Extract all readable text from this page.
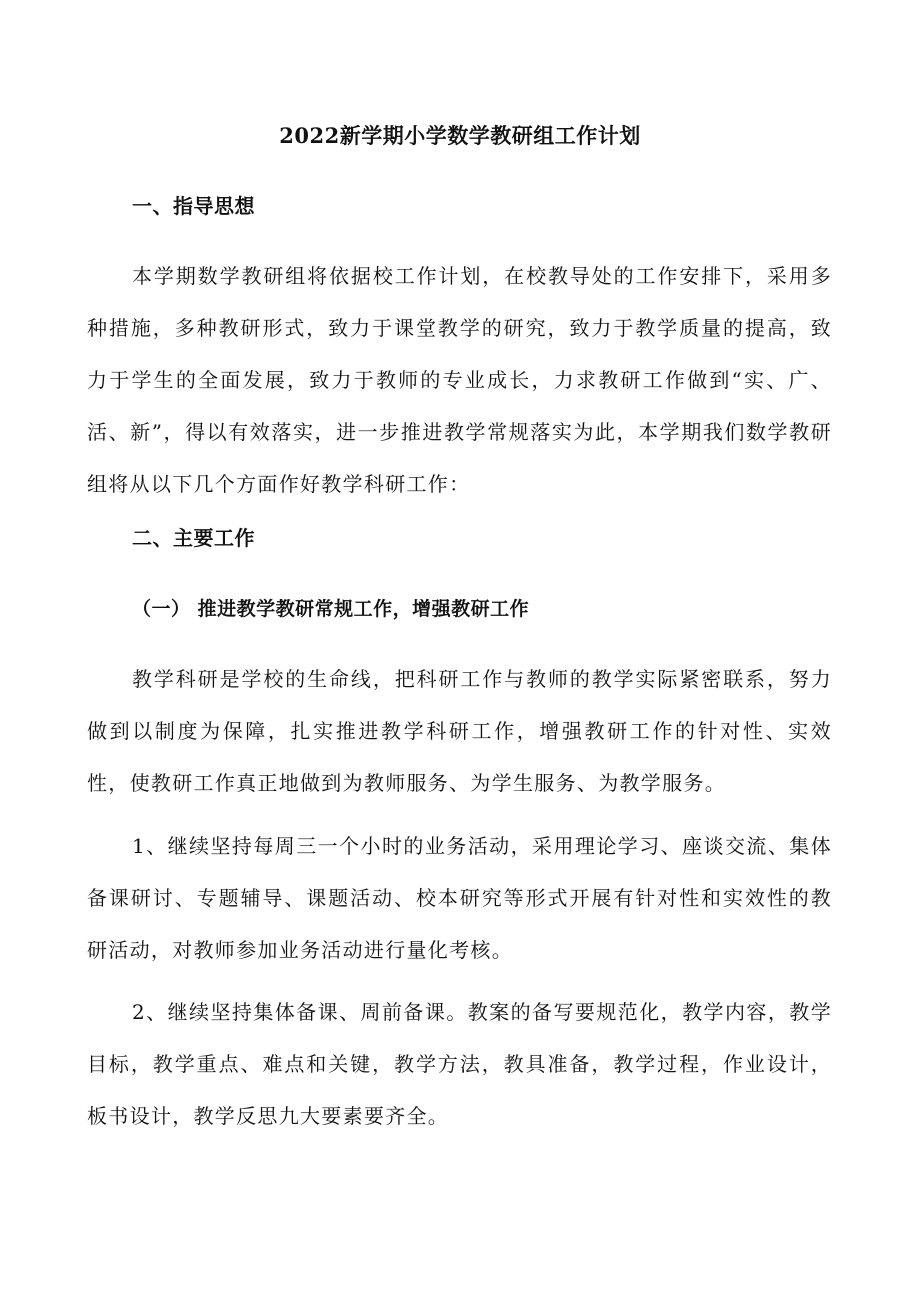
2022新学期小学数学教研组工作计划
一、指导思想

本学期数学教研组将依据校工作计划，在校教导处的工作安排下，采用多种措施，多种教研形式，致力于课堂教学的研究，致力于教学质量的提高，致力于学生的全面发展，致力于教师的专业成长，力求教研工作做到“实、广、活、新”，得以有效落实，进一步推进教学常规落实为此，本学期我们数学教研组将从以下几个方面作好教学科研工作：

二、主要工作
（一） 推进教学教研常规工作，增强教研工作

教学科研是学校的生命线，把科研工作与教师的教学实际紧密联系，努力做到以制度为保障，扎实推进教学科研工作，增强教研工作的针对性、实效性，使教研工作真正地做到为教师服务、为学生服务、为教学服务。

1、继续坚持每周三一个小时的业务活动，采用理论学习、座谈交流、集体备课研讨、专题辅导、课题活动、校本研究等形式开展有针对性和实效性的教研活动，对教师参加业务活动进行量化考核。

2、继续坚持集体备课、周前备课。教案的备写要规范化，教学内容，教学目标，教学重点、难点和关键，教学方法，教具准备，教学过程，作业设计，板书设计，教学反思九大要素要齐全。
